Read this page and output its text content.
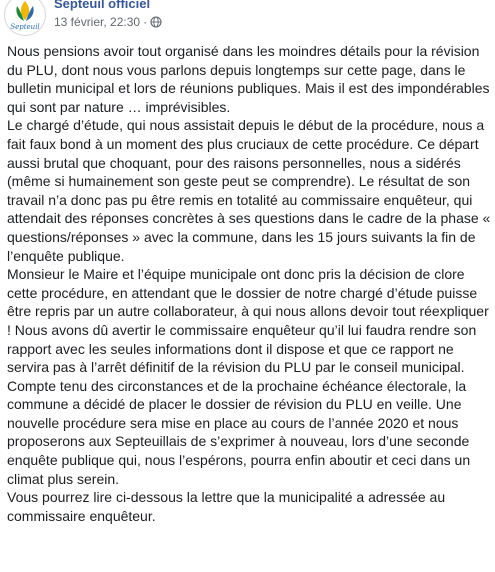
Septeuil
Septeuil officiel
13 février, 22:30 ·

Nous pensions avoir tout organisé dans les moindres détails pour la révision du PLU, dont nous vous parlons depuis longtemps sur cette page, dans le bulletin municipal et lors de réunions publiques. Mais il est des impondérables qui sont par nature … imprévisibles.

Le chargé d’étude, qui nous assistait depuis le début de la procédure, nous a fait faux bond à un moment des plus cruciaux de cette procédure. Ce départ aussi brutal que choquant, pour des raisons personnelles, nous a sidérés (même si humainement son geste peut se comprendre). Le résultat de son travail n’a donc pas pu être remis en totalité au commissaire enquêteur, qui attendait des réponses concrètes à ses questions dans le cadre de la phase « questions/réponses » avec la commune, dans les 15 jours suivants la fin de l’enquête publique.

Monsieur le Maire et l’équipe municipale ont donc pris la décision de clore cette procédure, en attendant que le dossier de notre chargé d’étude puisse être repris par un autre collaborateur, à qui nous allons devoir tout réexpliquer ! Nous avons dû avertir le commissaire enquêteur qu’il lui faudra rendre son rapport avec les seules informations dont il dispose et que ce rapport ne servira pas à l’arrêt définitif de la révision du PLU par le conseil municipal.

Compte tenu des circonstances et de la prochaine échéance électorale, la commune a décidé de placer le dossier de révision du PLU en veille. Une nouvelle procédure sera mise en place au cours de l’année 2020 et nous proposerons aux Septeuillais de s’exprimer à nouveau, lors d’une seconde enquête publique qui, nous l’espérons, pourra enfin aboutir et ceci dans un climat plus serein.

Vous pourrez lire ci-dessous la lettre que la municipalité a adressée au commissaire enquêteur.
